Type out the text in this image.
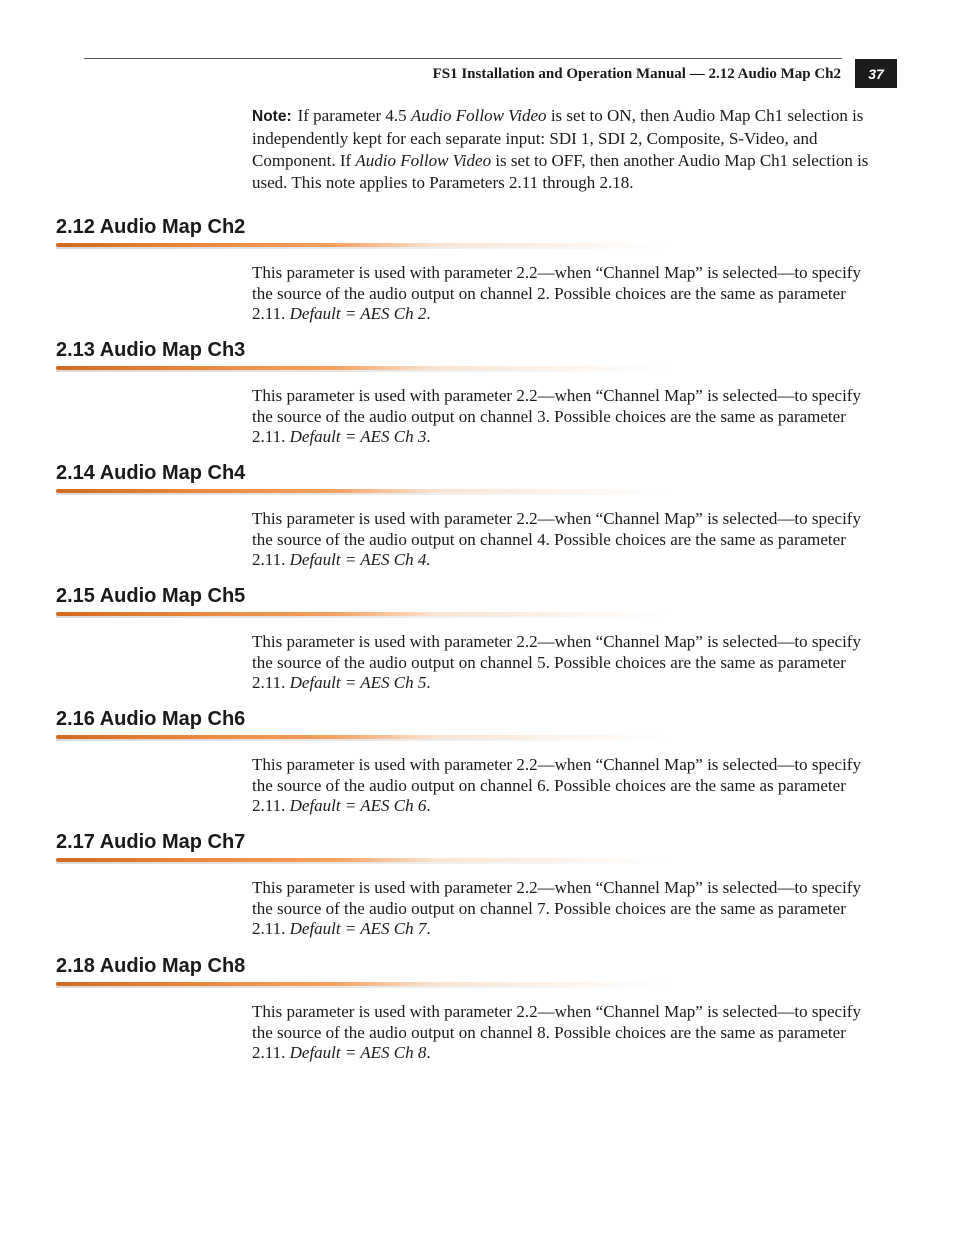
FS1 Installation and Operation Manual — 2.12 Audio Map Ch2	37
Note: If parameter 4.5 Audio Follow Video is set to ON, then Audio Map Ch1 selection is independently kept for each separate input: SDI 1, SDI 2, Composite, S-Video, and Component. If Audio Follow Video is set to OFF, then another Audio Map Ch1 selection is used. This note applies to Parameters 2.11 through 2.18.
2.12 Audio Map Ch2

This parameter is used with parameter 2.2—when “Channel Map” is selected—to specify the source of the audio output on channel 2. Possible choices are the same as parameter 2.11. Default = AES Ch 2.

2.13 Audio Map Ch3

This parameter is used with parameter 2.2—when “Channel Map” is selected—to specify the source of the audio output on channel 3. Possible choices are the same as parameter 2.11. Default = AES Ch 3.

2.14 Audio Map Ch4

This parameter is used with parameter 2.2—when “Channel Map” is selected—to specify the source of the audio output on channel 4. Possible choices are the same as parameter 2.11. Default = AES Ch 4.

2.15 Audio Map Ch5

This parameter is used with parameter 2.2—when “Channel Map” is selected—to specify the source of the audio output on channel 5. Possible choices are the same as parameter 2.11. Default = AES Ch 5.

2.16 Audio Map Ch6

This parameter is used with parameter 2.2—when “Channel Map” is selected—to specify the source of the audio output on channel 6. Possible choices are the same as parameter 2.11. Default = AES Ch 6.

2.17 Audio Map Ch7

This parameter is used with parameter 2.2—when “Channel Map” is selected—to specify the source of the audio output on channel 7. Possible choices are the same as parameter 2.11. Default = AES Ch 7.

2.18 Audio Map Ch8

This parameter is used with parameter 2.2—when “Channel Map” is selected—to specify the source of the audio output on channel 8. Possible choices are the same as parameter 2.11. Default = AES Ch 8.
